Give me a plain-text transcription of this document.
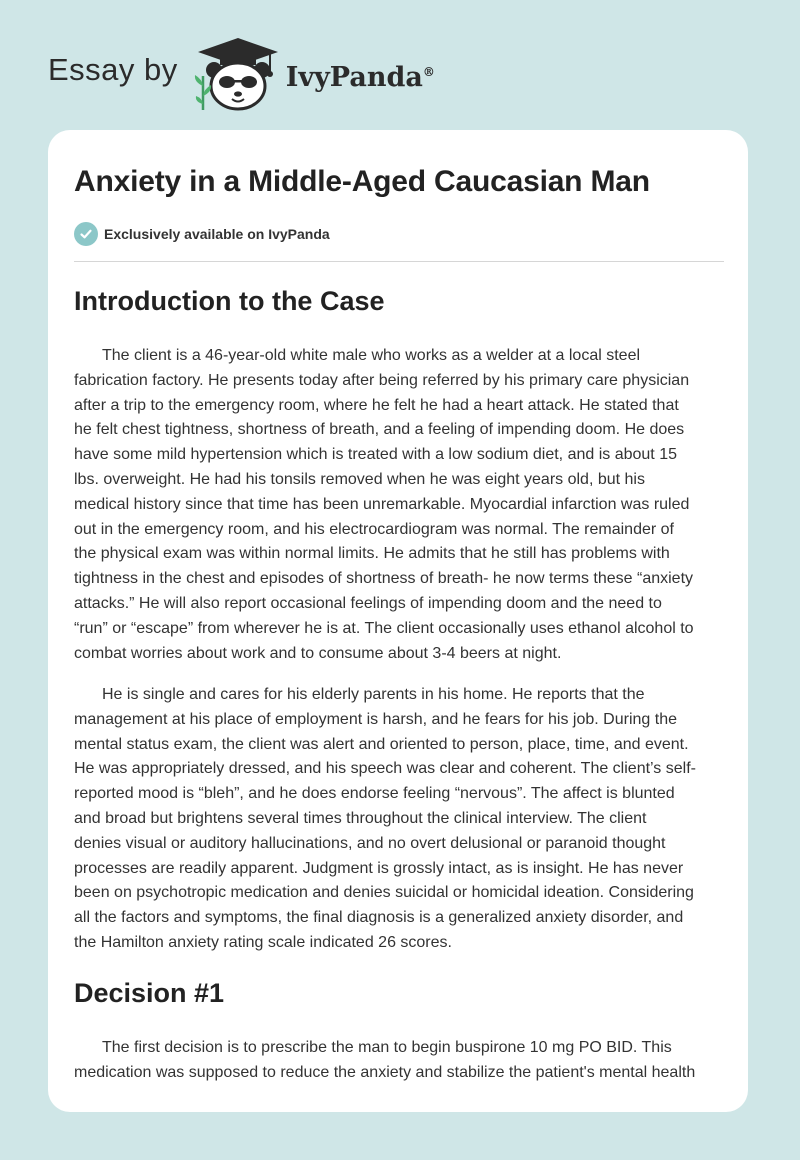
Essay by	IvyPanda®
Anxiety in a Middle-Aged Caucasian Man
Exclusively available on IvyPanda
Introduction to the Case

The client is a 46-year-old white male who works as a welder at a local steel
fabrication factory. He presents today after being referred by his primary care physician
after a trip to the emergency room, where he felt he had a heart attack. He stated that
he felt chest tightness, shortness of breath, and a feeling of impending doom. He does
have some mild hypertension which is treated with a low sodium diet, and is about 15
lbs. overweight. He had his tonsils removed when he was eight years old, but his
medical history since that time has been unremarkable. Myocardial infarction was ruled
out in the emergency room, and his electrocardiogram was normal. The remainder of
the physical exam was within normal limits. He admits that he still has problems with
tightness in the chest and episodes of shortness of breath- he now terms these “anxiety
attacks.” He will also report occasional feelings of impending doom and the need to
“run” or “escape” from wherever he is at. The client occasionally uses ethanol alcohol to
combat worries about work and to consume about 3-4 beers at night.

He is single and cares for his elderly parents in his home. He reports that the
management at his place of employment is harsh, and he fears for his job. During the
mental status exam, the client was alert and oriented to person, place, time, and event.
He was appropriately dressed, and his speech was clear and coherent. The client’s self-
reported mood is “bleh”, and he does endorse feeling “nervous”. The affect is blunted
and broad but brightens several times throughout the clinical interview. The client
denies visual or auditory hallucinations, and no overt delusional or paranoid thought
processes are readily apparent. Judgment is grossly intact, as is insight. He has never
been on psychotropic medication and denies suicidal or homicidal ideation. Considering
all the factors and symptoms, the final diagnosis is a generalized anxiety disorder, and
the Hamilton anxiety rating scale indicated 26 scores.

Decision #1

The first decision is to prescribe the man to begin buspirone 10 mg PO BID. This
medication was supposed to reduce the anxiety and stabilize the patient's mental health
